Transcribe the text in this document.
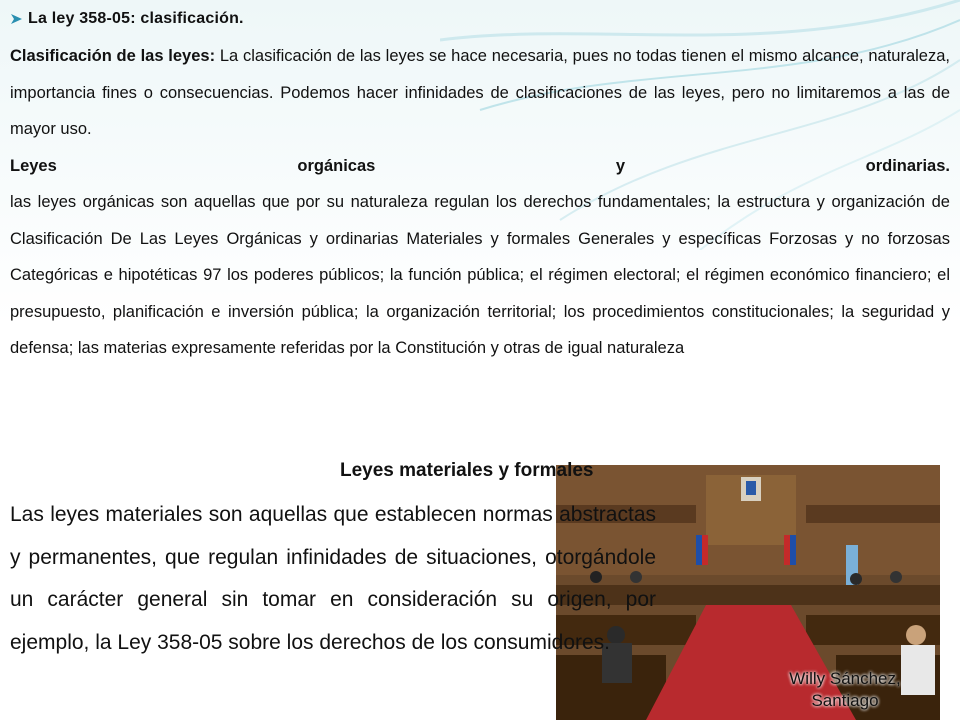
La ley 358-05: clasificación.
Clasificación de las leyes: La clasificación de las leyes se hace necesaria, pues no todas tienen el mismo alcance, naturaleza, importancia fines o consecuencias. Podemos hacer infinidades de clasificaciones de las leyes, pero no limitaremos a las de mayor uso.
Leyes orgánicas y ordinarias.
las leyes orgánicas son aquellas que por su naturaleza regulan los derechos fundamentales; la estructura y organización de Clasificación De Las Leyes Orgánicas y ordinarias Materiales y formales Generales y específicas Forzosas y no forzosas Categóricas e hipotéticas 97 los poderes públicos; la función pública; el régimen electoral; el régimen económico financiero; el presupuesto, planificación e inversión pública; la organización territorial; los procedimientos constitucionales; la seguridad y defensa; las materias expresamente referidas por la Constitución y otras de igual naturaleza
Leyes materiales y formales
Las leyes materiales son aquellas que establecen normas abstractas y permanentes, que regulan infinidades de situaciones, otorgándole un carácter general sin tomar en consideración su origen, por ejemplo, la Ley 358-05 sobre los derechos de los consumidores.
Willy Sánchez, Santiago
